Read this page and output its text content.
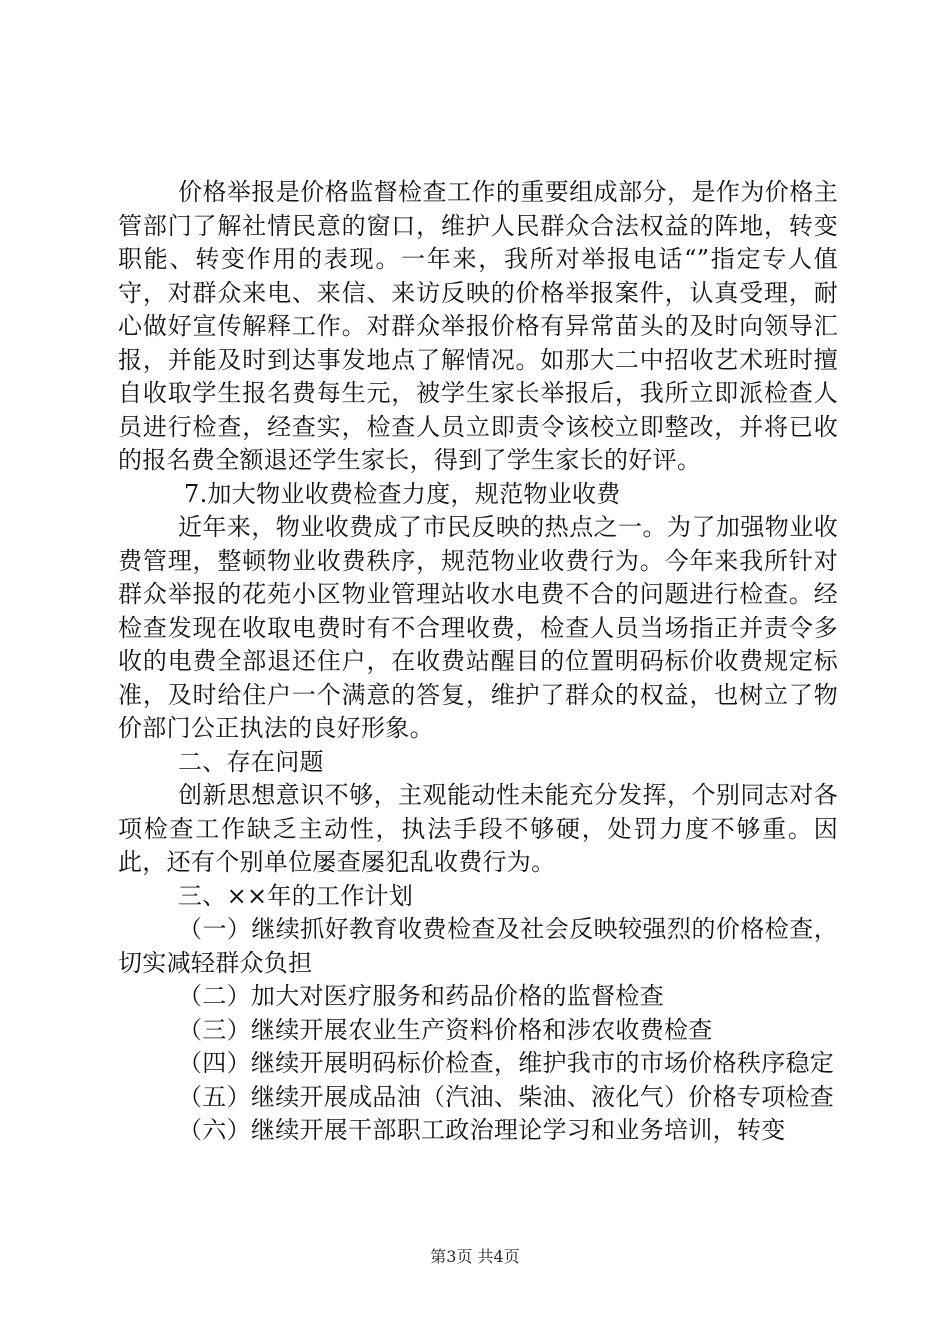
价格举报是价格监督检查工作的重要组成部分，是作为价格主管部门了解社情民意的窗口，维护人民群众合法权益的阵地，转变职能、转变作用的表现。一年来，我所对举报电话“”指定专人值守，对群众来电、来信、来访反映的价格举报案件，认真受理，耐心做好宣传解释工作。对群众举报价格有异常苗头的及时向领导汇报，并能及时到达事发地点了解情况。如那大二中招收艺术班时擅自收取学生报名费每生元，被学生家长举报后，我所立即派检查人员进行检查，经查实，检查人员立即责令该校立即整改，并将已收的报名费全额退还学生家长，得到了学生家长的好评。

7.加大物业收费检查力度，规范物业收费

近年来，物业收费成了市民反映的热点之一。为了加强物业收费管理，整顿物业收费秩序，规范物业收费行为。今年来我所针对群众举报的花苑小区物业管理站收水电费不合的问题进行检查。经检查发现在收取电费时有不合理收费，检查人员当场指正并责令多收的电费全部退还住户，在收费站醒目的位置明码标价收费规定标准，及时给住户一个满意的答复，维护了群众的权益，也树立了物价部门公正执法的良好形象。

二、存在问题

创新思想意识不够，主观能动性未能充分发挥，个别同志对各项检查工作缺乏主动性，执法手段不够硬，处罚力度不够重。因此，还有个别单位屡查屡犯乱收费行为。

三、××年的工作计划

（一）继续抓好教育收费检查及社会反映较强烈的价格检查，切实减轻群众负担

（二）加大对医疗服务和药品价格的监督检查

（三）继续开展农业生产资料价格和涉农收费检查

（四）继续开展明码标价检查，维护我市的市场价格秩序稳定

（五）继续开展成品油（汽油、柴油、液化气）价格专项检查

（六）继续开展干部职工政治理论学习和业务培训，转变

第3页 共4页
